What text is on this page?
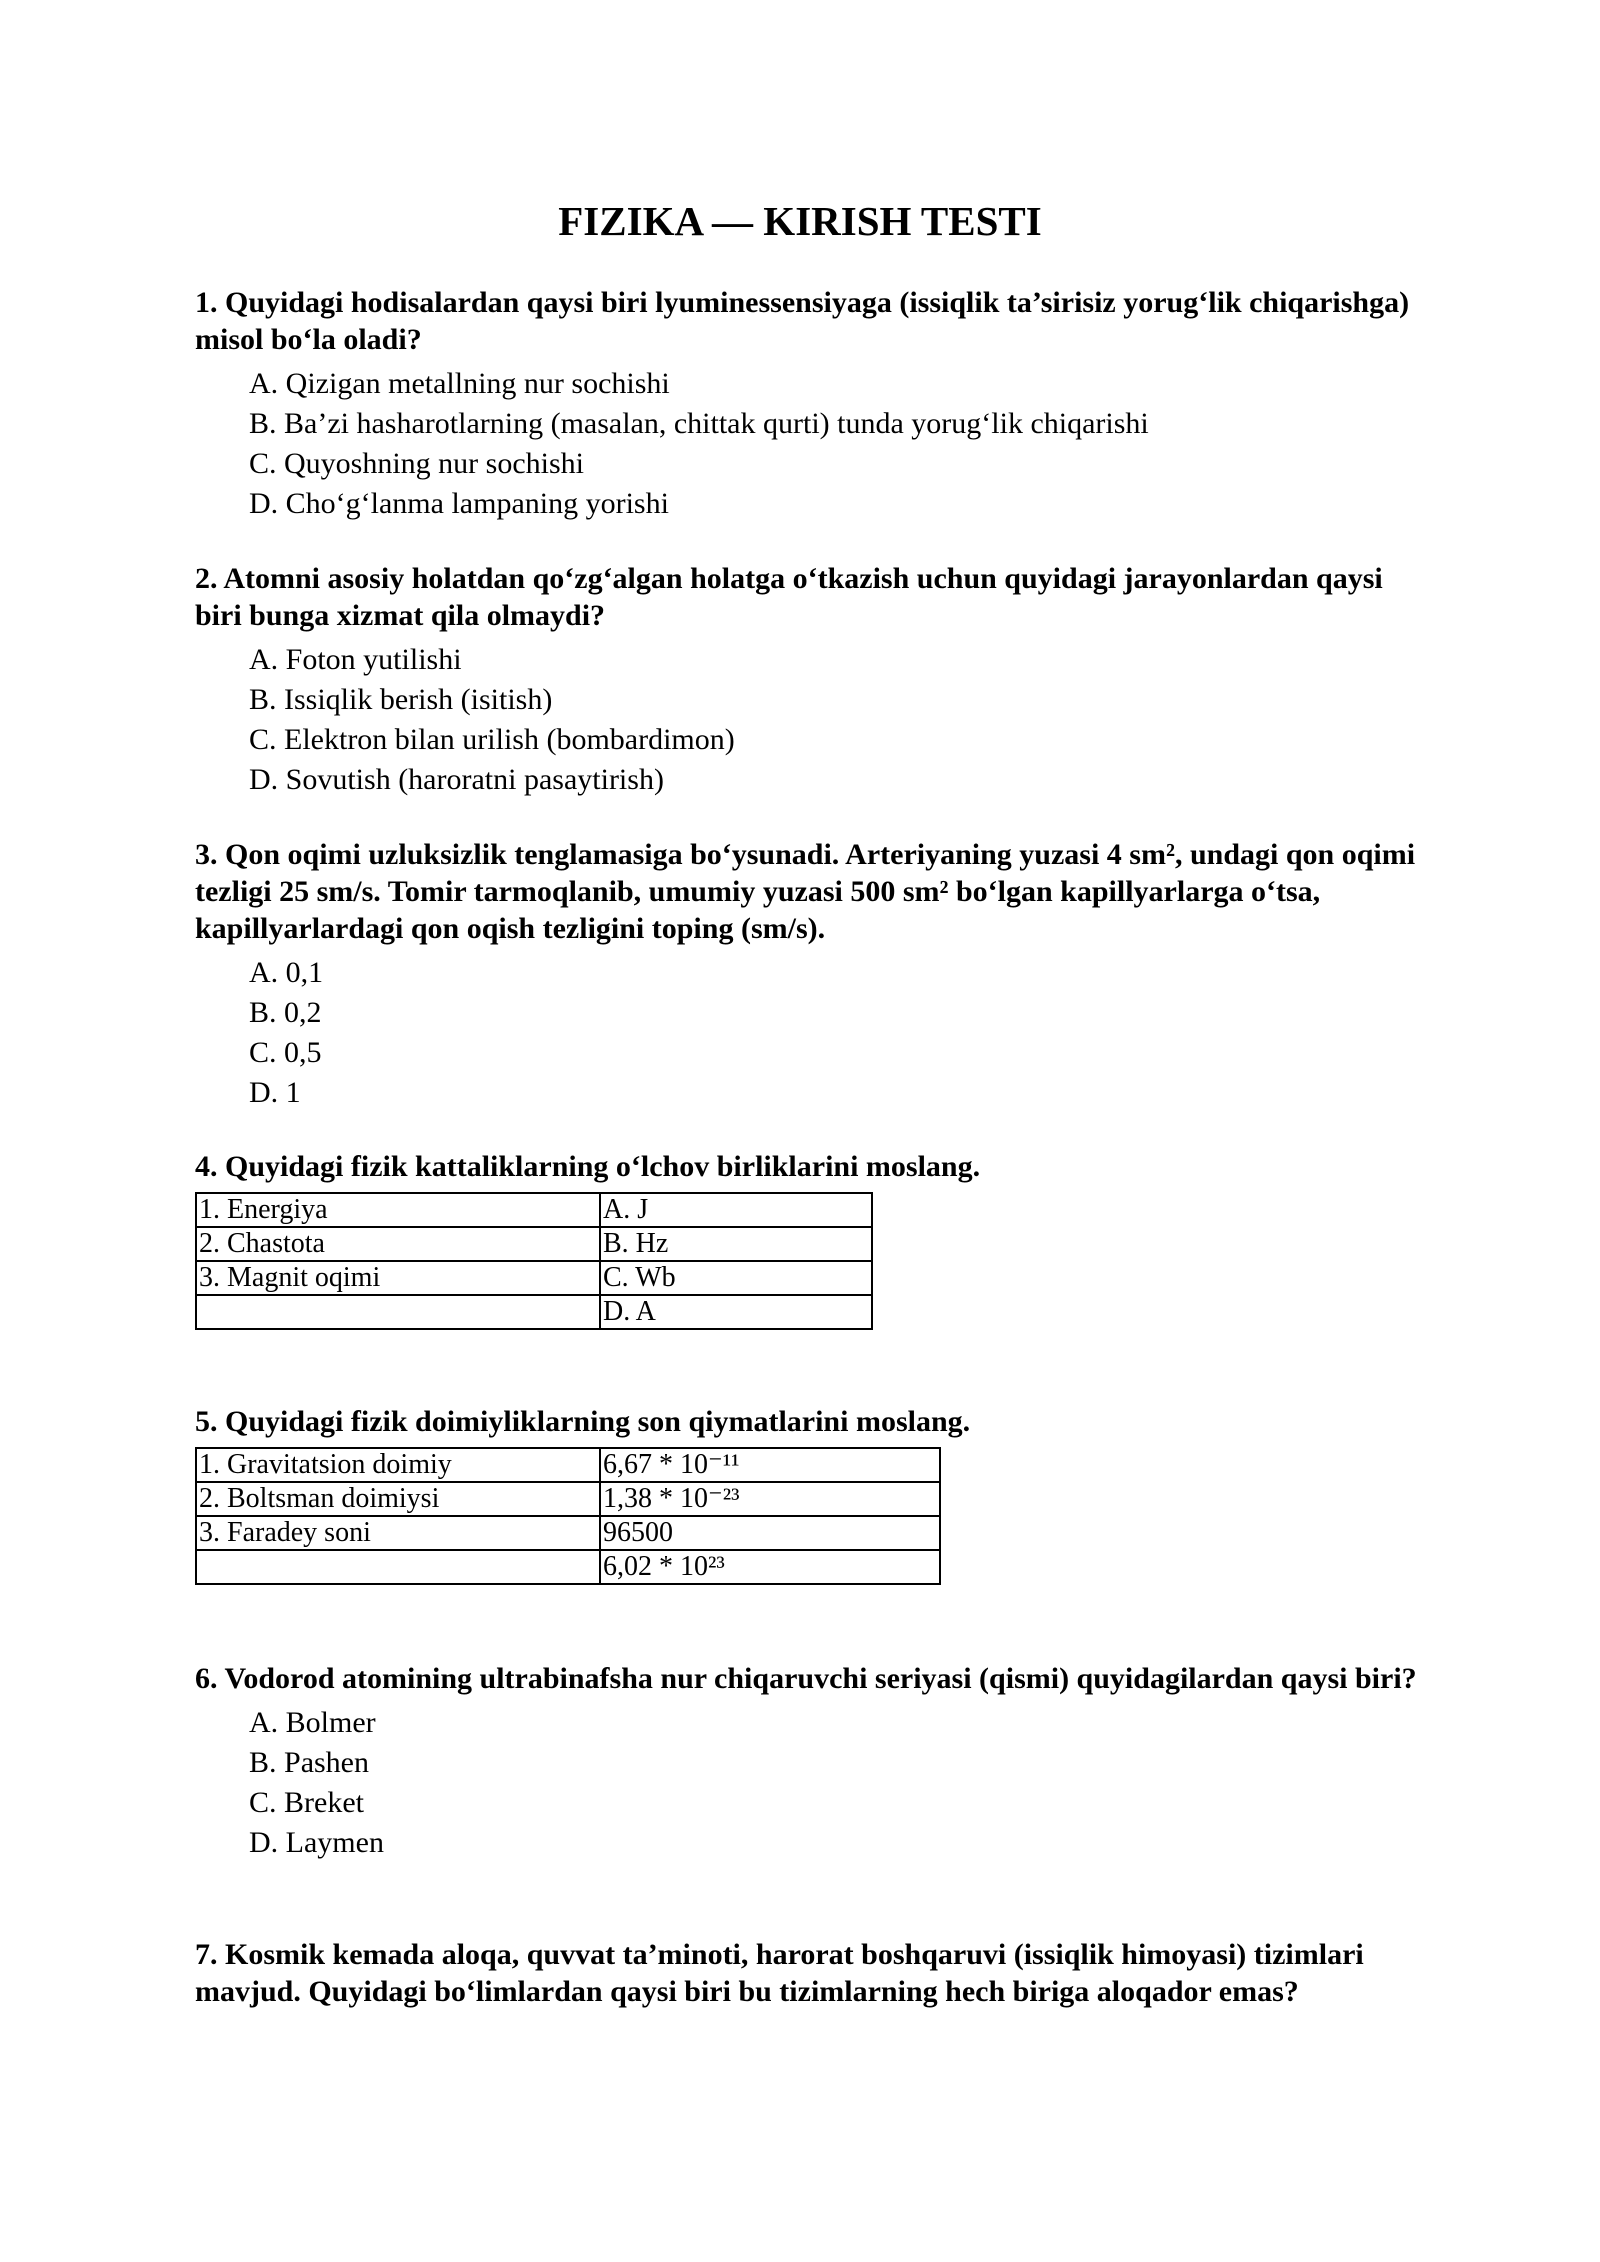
FIZIKA — KIRISH TESTI

1. Quyidagi hodisalardan qaysi biri lyuminessensiyaga (issiqlik ta’sirisiz yorug‘lik chiqarishga) misol bo‘la oladi?

A. Qizigan metallning nur sochishi
B. Ba’zi hasharotlarning (masalan, chittak qurti) tunda yorug‘lik chiqarishi
C. Quyoshning nur sochishi
D. Cho‘g‘lanma lampaning yorishi

2. Atomni asosiy holatdan qo‘zg‘algan holatga o‘tkazish uchun quyidagi jarayonlardan qaysi biri bunga xizmat qila olmaydi?

A. Foton yutilishi
B. Issiqlik berish (isitish)
C. Elektron bilan urilish (bombardimon)
D. Sovutish (haroratni pasaytirish)

3. Qon oqimi uzluksizlik tenglamasiga bo‘ysunadi. Arteriyaning yuzasi 4 sm², undagi qon oqimi tezligi 25 sm/s. Tomir tarmoqlanib, umumiy yuzasi 500 sm² bo‘lgan kapillyarlarga o‘tsa, kapillyarlardagi qon oqish tezligini toping (sm/s).

A. 0,1
B. 0,2
C. 0,5
D. 1

4. Quyidagi fizik kattaliklarning o‘lchov birliklarini moslang.

1. Energiya	A. J
2. Chastota	B. Hz
3. Magnit oqimi	C. Wb
	D. A

5. Quyidagi fizik doimiyliklarning son qiymatlarini moslang.

1. Gravitatsion doimiy	6,67 * 10⁻¹¹
2. Boltsman doimiysi	1,38 * 10⁻²³
3. Faradey soni	96500
	6,02 * 10²³

6. Vodorod atomining ultrabinafsha nur chiqaruvchi seriyasi (qismi) quyidagilardan qaysi biri?

A. Bolmer
B. Pashen
C. Breket
D. Laymen

7. Kosmik kemada aloqa, quvvat ta’minoti, harorat boshqaruvi (issiqlik himoyasi) tizimlari mavjud. Quyidagi bo‘limlardan qaysi biri bu tizimlarning hech biriga aloqador emas?
